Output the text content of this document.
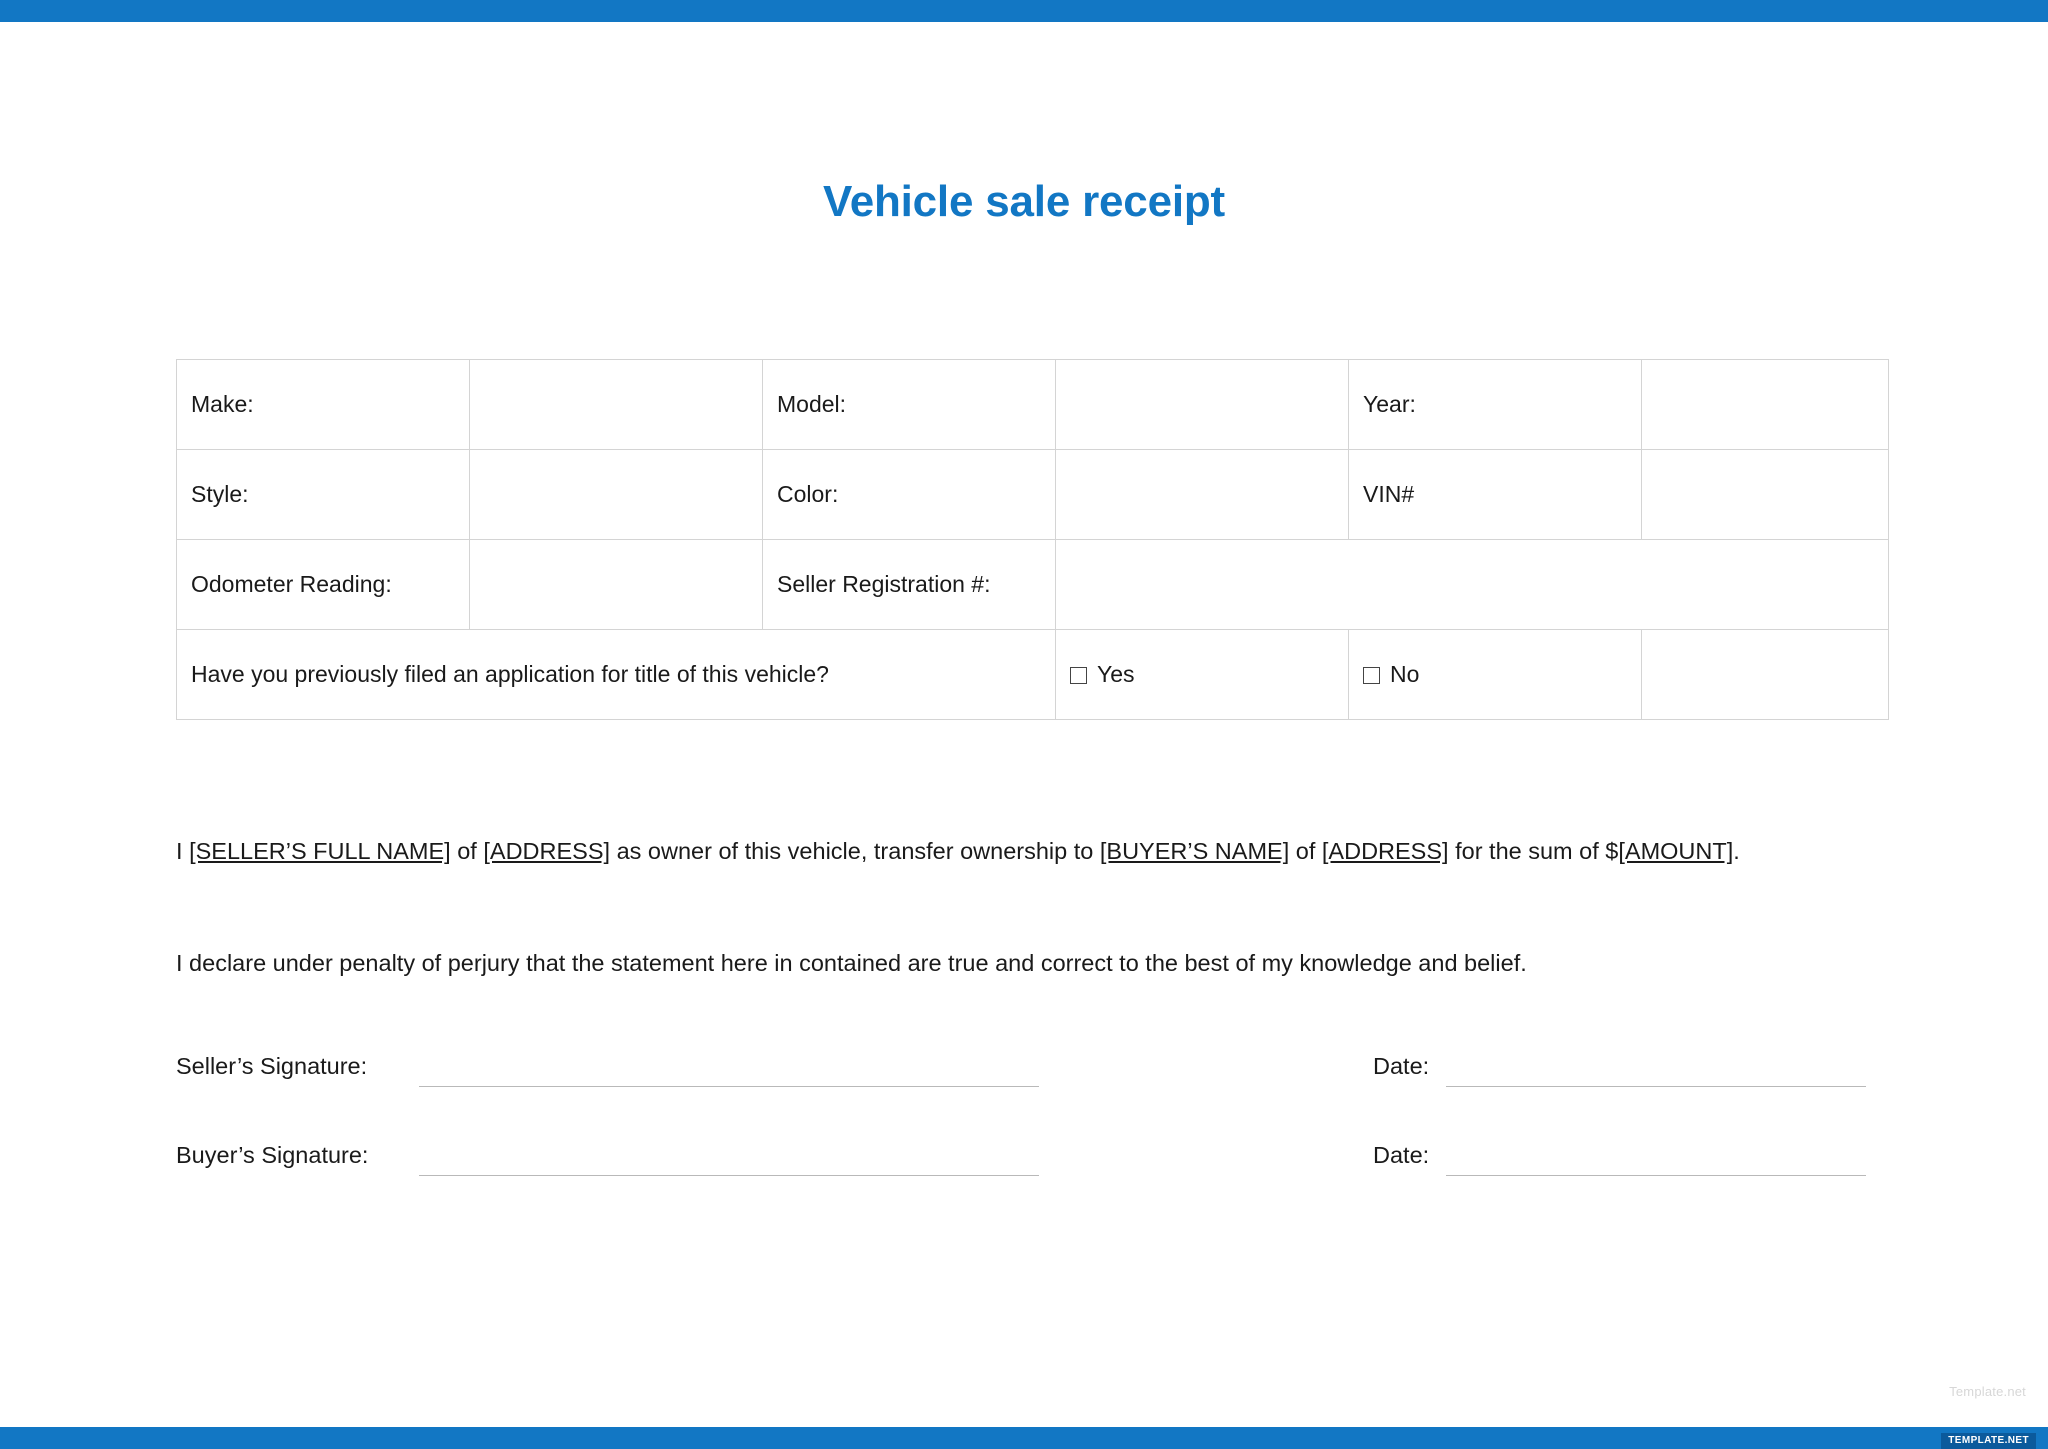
Vehicle sale receipt
Make:		Model:		Year:	
Style:		Color:		VIN#	
Odometer Reading:		Seller Registration #:			
Have you previously filed an application for title of this vehicle?			Yes	No	
I [SELLER’S FULL NAME] of [ADDRESS] as owner of this vehicle, transfer ownership to [BUYER’S NAME] of [ADDRESS] for the sum of $[AMOUNT].
I declare under penalty of perjury that the statement here in contained are true and correct to the best of my knowledge and belief.
Seller’s Signature:	Date:
Buyer’s Signature:	Date:
Template.net
TEMPLATE.NET
